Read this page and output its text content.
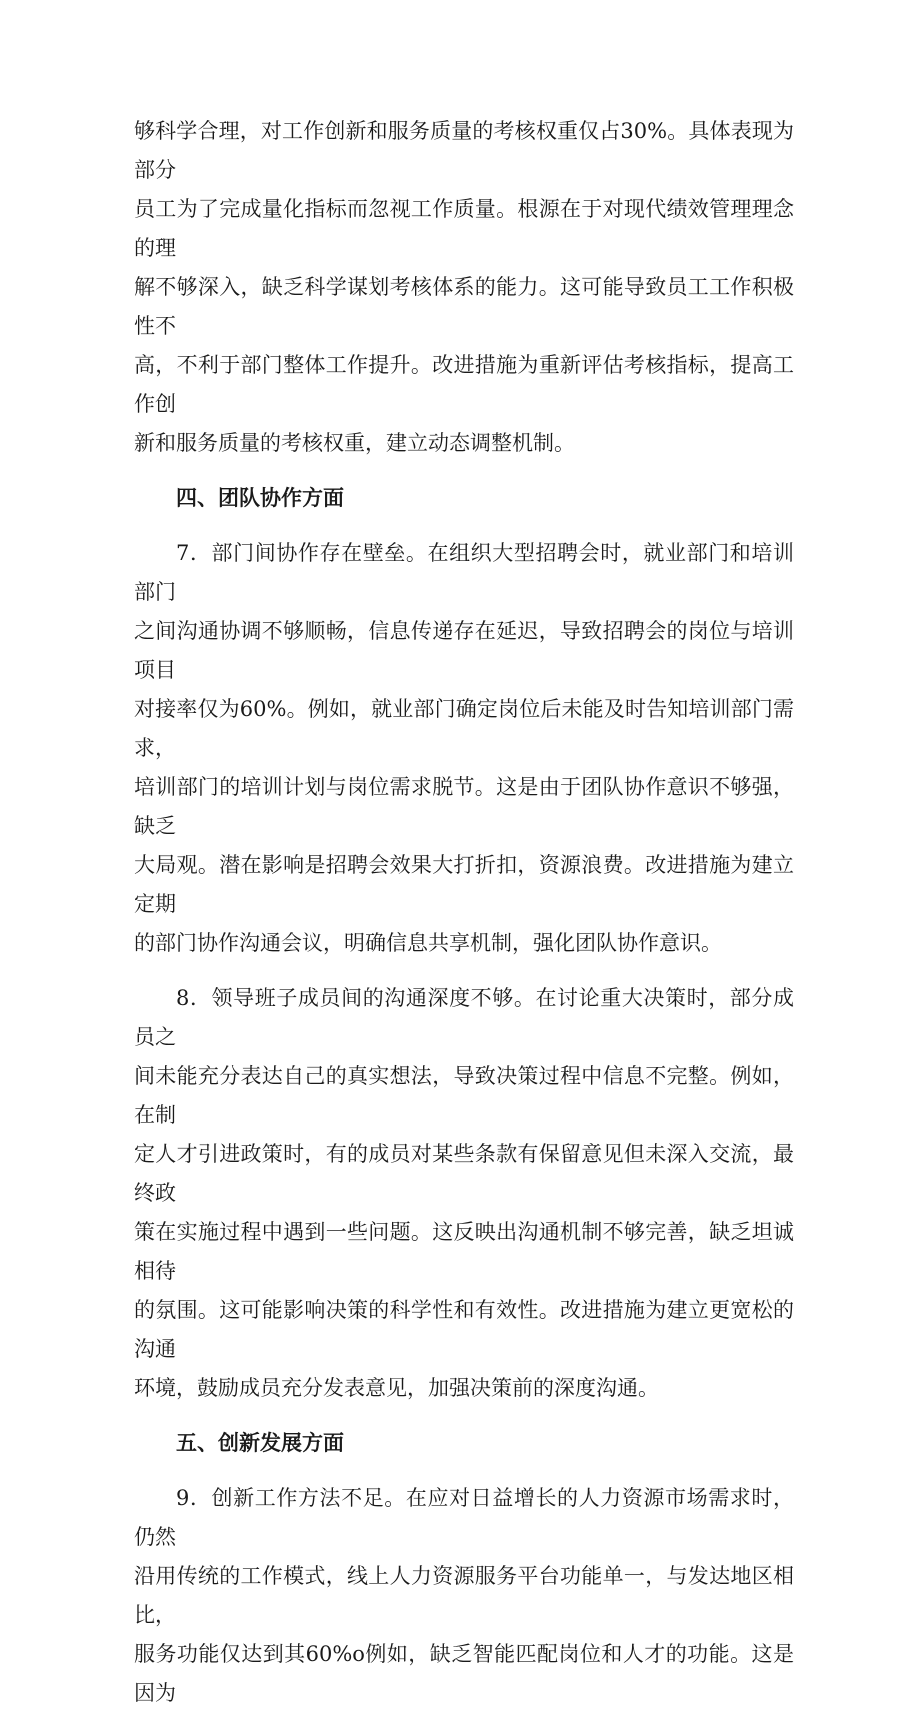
够科学合理，对工作创新和服务质量的考核权重仅占30%。具体表现为部分
员工为了完成量化指标而忽视工作质量。根源在于对现代绩效管理理念的理
解不够深入，缺乏科学谋划考核体系的能力。这可能导致员工工作积极性不
高，不利于部门整体工作提升。改进措施为重新评估考核指标，提高工作创
新和服务质量的考核权重，建立动态调整机制。
四、团队协作方面
7．部门间协作存在壁垒。在组织大型招聘会时，就业部门和培训部门
之间沟通协调不够顺畅，信息传递存在延迟，导致招聘会的岗位与培训项目
对接率仅为60%。例如，就业部门确定岗位后未能及时告知培训部门需求，
培训部门的培训计划与岗位需求脱节。这是由于团队协作意识不够强，缺乏
大局观。潜在影响是招聘会效果大打折扣，资源浪费。改进措施为建立定期
的部门协作沟通会议，明确信息共享机制，强化团队协作意识。
8．领导班子成员间的沟通深度不够。在讨论重大决策时，部分成员之
间未能充分表达自己的真实想法，导致决策过程中信息不完整。例如，在制
定人才引进政策时，有的成员对某些条款有保留意见但未深入交流，最终政
策在实施过程中遇到一些问题。这反映出沟通机制不够完善，缺乏坦诚相待
的氛围。这可能影响决策的科学性和有效性。改进措施为建立更宽松的沟通
环境，鼓励成员充分发表意见，加强决策前的深度沟通。
五、创新发展方面
9．创新工作方法不足。在应对日益增长的人力资源市场需求时，仍然
沿用传统的工作模式，线上人力资源服务平台功能单一，与发达地区相比，
服务功能仅达到其60%o例如，缺乏智能匹配岗位和人才的功能。这是因为
